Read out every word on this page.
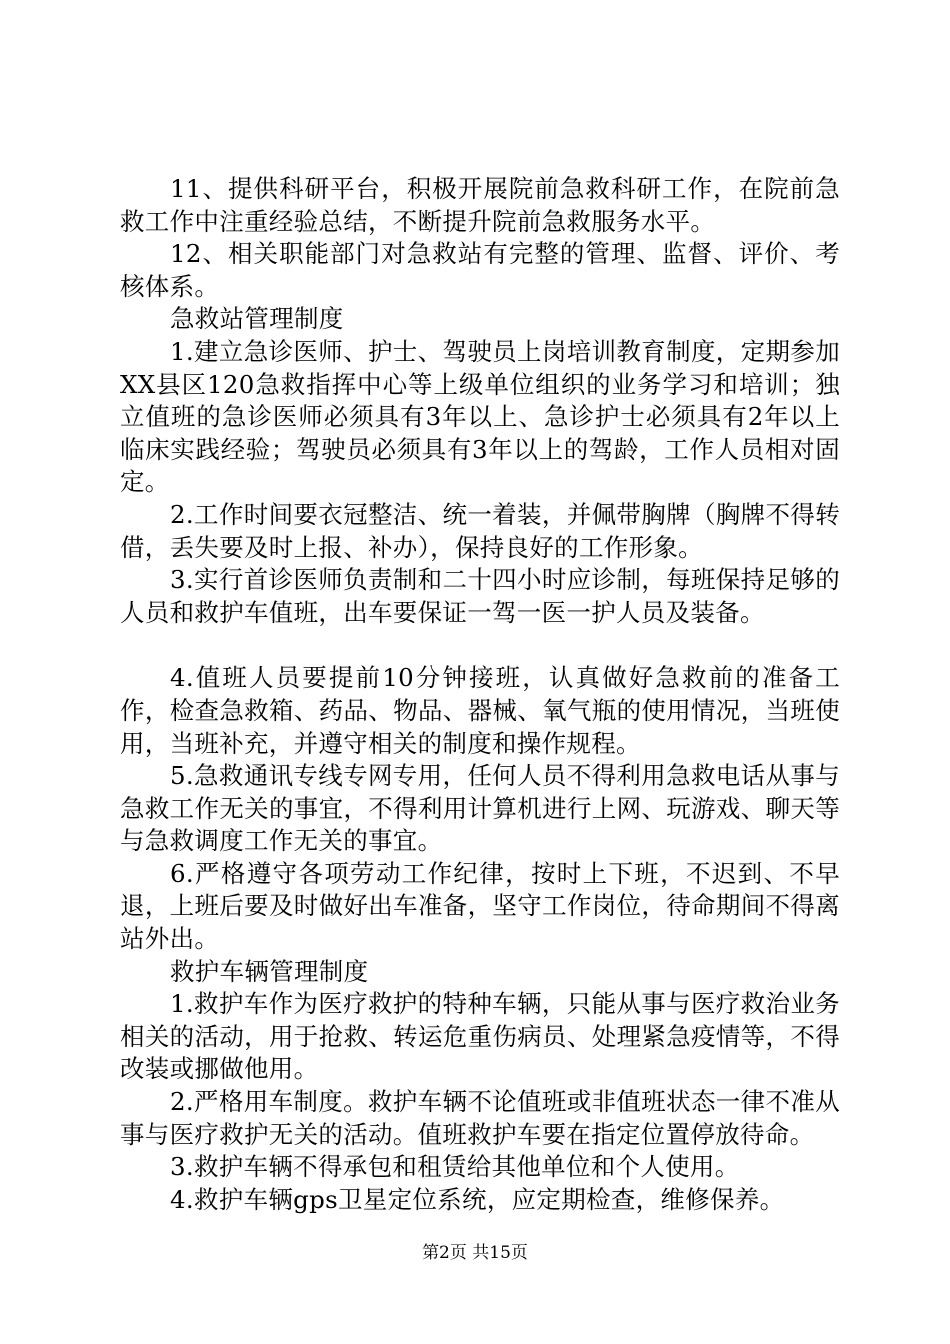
11、提供科研平台，积极开展院前急救科研工作，在院前急救工作中注重经验总结，不断提升院前急救服务水平。

12、相关职能部门对急救站有完整的管理、监督、评价、考核体系。

急救站管理制度

1.建立急诊医师、护士、驾驶员上岗培训教育制度，定期参加XX县区120急救指挥中心等上级单位组织的业务学习和培训；独立值班的急诊医师必须具有3年以上、急诊护士必须具有2年以上临床实践经验；驾驶员必须具有3年以上的驾龄，工作人员相对固定。

2.工作时间要衣冠整洁、统一着装，并佩带胸牌（胸牌不得转借，丢失要及时上报、补办），保持良好的工作形象。

3.实行首诊医师负责制和二十四小时应诊制，每班保持足够的人员和救护车值班，出车要保证一驾一医一护人员及装备。

4.值班人员要提前10分钟接班，认真做好急救前的准备工作，检查急救箱、药品、物品、器械、氧气瓶的使用情况，当班使用，当班补充，并遵守相关的制度和操作规程。

5.急救通讯专线专网专用，任何人员不得利用急救电话从事与急救工作无关的事宜，不得利用计算机进行上网、玩游戏、聊天等与急救调度工作无关的事宜。

6.严格遵守各项劳动工作纪律，按时上下班，不迟到、不早退，上班后要及时做好出车准备，坚守工作岗位，待命期间不得离站外出。

救护车辆管理制度

1.救护车作为医疗救护的特种车辆，只能从事与医疗救治业务相关的活动，用于抢救、转运危重伤病员、处理紧急疫情等，不得改装或挪做他用。

2.严格用车制度。救护车辆不论值班或非值班状态一律不准从事与医疗救护无关的活动。值班救护车要在指定位置停放待命。

3.救护车辆不得承包和租赁给其他单位和个人使用。

4.救护车辆gps卫星定位系统，应定期检查，维修保养。

第2页 共15页
